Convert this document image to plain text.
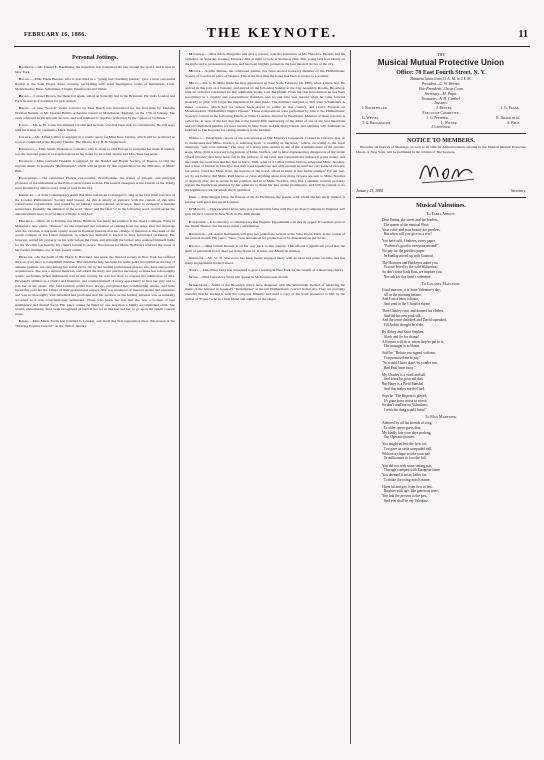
FEBRUARY 16, 1886.	THE KEYNOTE.	11
Personal Jottings.

Bandmann.—Mr. Daniel E. Bandmann, the tragedian, has completed his tour around the world, and is now in New York.

Baucke.—Mlle. Paula Baucké, who is described as a "young and charming pianist," gave a most successful Recital at the Salle Pleyel, Paris, recently, performing with great intelligence works of Rubinstein, Liszt, Mendelssohn, Bizet, Schumann, Chopin, Wieniawski and Weber.

Brown.—Colonel Brown, the theatrical agent, sailed on Saturday last in the Britannic. He visits London and Paris in search of novelties for next season.

Bruch.—A new "Scotch" violin concerto by Max Bruch was introduced for the first time by Madame Norman Neruda, at Mr. Charles Hallé's orchestral concert in Manchester, England, on the 17th of January. The work achieved an exceptional success, and was rendered to absolute perfection by the "queen of violinists."

Carle.—Mr. G. W. Carle, the eminent vocalist and lecturer, who has been sick, is convalescent. He still stays with his friend, W. Clements (Mark Twain).

Cellier.—Mr. Alfred Cellier is engaged in a comic opera for Miss Kate Santley, which will be produced as soon as completed at the Royalty Theatre. The libretto is by H. B. Stephenson.

Dickenson.—Miss Jennie Dickenson, contralto, who is about to visit Europe to complete her musical studies, was the honored guest at a reception given in her honor by ex-Chief Justice and Mrs. Shea last week.

Franklin.—Miss Gertrude Franklin is engaged by the Handel and Haydn Society, of Boston, to sing the soprano music in Gounod's "Redemption," which will be given by that organization on the 26th inst., at Music Hall.

Franchomme.—The celebrated French violoncellist, Franchomme, the friend of Chopin, and principal professor of the instrument at the Paris Conservatoire is dead. His funeral obsequies at the Church of the Trinity were attended by almost every artist of note in the city.

Gerwicke.—A daily contemporary states that Miss Gerwicke is engaged to sing at the first three concerts of the London Philharmonic Society next season. As this is utterly at variance with the custom of this ultra conservative organization, and would be an entirely unprecedented occurrence, there is evidently a mistake somewhere. Probably the omission of the word "three" and the final "s" in the following word, would render the announcement more in accordance with the actual fact.

Heilbron.—Mme. de la Pomme, nee Marie Heilbron, has made her reentree at the Opera Comique, Paris, in Massenet's new opera, "Manon." As she expressed her intention of retiring from the stage after her marriage with the vicomte, it has been openly stated in Parisian journals that her change of intention is the result of the recent collapse of the Union Générale, in which her husband is known to have speculated recklessly. He, however, settled his property on his wife before the crash, and although the broker who rendered himself liable for the Vicomte lost heavily, his client's fortune is secure. The reasons for Marie Heilbron's return to the scene of her former triumphs, are, in fact, purely artistic.

Howland.—In the death of Mr. Harry E. Howland, last week, the musical society in New York has suffered the loss of its most accomplished member. This estimable lady has been for some years recognized as the first of amateur pianists, not only among her social circle, but by the leading professional players who have enjoyed her acquaintance. She was a natural musician, and added the study and practice necessary to make her a thoroughly artistic performer. When Rubinstein was in this country he was not slow to express his admiration of Mrs. Howland's abilities as a pianist and musician, and availed himself of every opportunity to hear her play and to join her at the piano. Our best resident artists have always recognized her commanding talents, and have invariably paid her the tribute of their professional respect. She was intolerant of musical shams and nonsense, and was so thoroughly well informed and proficient that her position as the leading amateur was as naturally accorded as it was conscientiously demanded. Those who knew her felt that she was a woman of rare intelligence and mental force. Her place cannot be filled by one less than a highly accomplished artist. She would, undoubtedly, have been recognized as such if her lot in life had led her to go upon the public concert stage.

Krebs.—Miss Marie Krebs has returned to London, and made her first appearance there this season at the "Monday Popular Concert" on the 19th of January.

Marquiles.—Miss Adele Margulies will give a concert, with the assistance of Mr. Theodore Thomas and his orchestra, on Saturday evening, February 28d, at eight o'clock, at Steinway Hall. This young lady is evidently on the high road to professional success, and has been brightly praised in the best musical circles of the city.

Menter.—Sophie Menter, the celebrated pianist, has been elected honorary member of the Philharmonic Society of London in place of Wagner. This is the first time the honor has been accorded to a woman.

Mills.—Mr. S. B. Mills made his first appearance in New York, February 18, 1885, when a mere boy. He arrived in this port on a Tuesday, and played on the following Sunday at the City Assembly Rooms, Broadway, with an orchestra conducted by that admirable leader, Carl Bergmann. From his first introduction he has been recognized as a capable and conscientious musician, and no one who was present when he came forward modestly to play, will forget the impression he then made. The numbers assigned to him were Schumann's A minor concerto, which had not before been played in public in this country, and Liszt's Fantasie on Mendelssohn's "Midsummer Night's Dream." These compositions were performed by him at the Philharmonic Society's concert in the following March, at Niblo's Garden, directed by Bergmann. Mention of these concerts is called for, in view of the fact that this is the twenty-fifth anniversary of the début of one of the best musicians and accomplished pianists we have known in New York, and his many friends and admirers will doubtless be indebted to The Keynote for calling attention to the incident.

Nordica.—Telegraphic reports of the conversation of Her Majesty's Lieutenant Colonel in Chicago, give us to understand that Mme. Nordica is suffering from "a swelling in the head," which, according to the royal diagnosis, "will soon subside." The story of a pretty little quarrel is one of the ornamentations of the operatic stage. Mme. Patti is reported to be jealous of Mme. Nordica, and to have expressed her disapproval of the lavish "floral tributes" that have been cast in the pathway of the latter and comparatively unknown prima donna, and the result has been that she has had to leave. Well, what of it? Miss Lillian Norton, otherwise Mme. Nordica, had a host of friends in Chicago, and they were injudicious and silly enough to send her cart loads of flowers; but surely, could not Mme. Patti, the soprano of the world, afford to smile at this feeble attempt? For our part, we do not believe that Mme. Patti knows or cares anything about how many flowers are sent to Mme. Nordica or anybody else; she is secure in her position, and so is Mme. Nordica, who, like a sensible woman, probably regrets the injudicious attempts by her admirers to thrust her into undue prominence, and will be content to do the legitimate work for which she is qualified.

Orry.—Miss Maggie Olny, the fiancee of M. de Pachmann, the pianist, with whom she has lately studied, is playing with great success in London.

O'Mahony.—This excellent artist, who was considerable fame with the Carl Rosa Company in England, will give his first concert in New York on the 26th instant.

Pappenheim.—It is stated by a contemporary that Eugenie Pappenheim will shortly appear in German opera at the Thalia Theater, but the news needs confirmation.

Rubinstein.—M. Anton Rubinstein will give two pianoforte recitals at the Salle Erard, Paris, in the course of the present month. His opera, "Nero," was announced for production at St. Petersburg on the 3d ult.

Russell.—Miss Lillian Russell is on her way back to this country. This affords a significant proof that the spirit of patriotism is not dead yet in the breast of, at least, one American maiden.

Sherwood.—Mr. W. H. Sherwood has been busily engaged lately with lectures and piano recitals, and has many engagements booked ahead.

Terry.—Miss Ellen Terry has consented to give a reading in New York for the benefit of a deserving charity.

Ward.—Miss Genevieve Ward will appear in Melbourne next month.

Werrenrath.—Some of the Brooklyn critics have disagreed with Mr. Werrenrath method of rendering the music of the narrator in Gounod's "Redemption" at the last Philharmonic concert in that city. They are probably unaware that he studied it with the composer himself, and used a copy of the work presented to him by the author of "Faust," who is a firm friend and admirer of the singer.

THE
Musical Mutual Protective Union
Office: 78 East Fourth Street, N. Y.
Business hours from 11 A. M. to 2 P. M.
President—C. W. Werner.
Vice-President—Oscar Coon.
Secretary—M. Papst.
Treasurer—A. H. Gorthel.
Trustees:
J. Rockefeller.	J. Reuter.	J. G. Frank.
Executive Committee.
G. Wessel.	J. G. Pfeiffer.	R. Dramchlig.
T. G. Broadstone.	L. Wiener.	A. Belz.
J. Lenssner.
NOTICE TO MEMBERS.

Hereafter all Notices of Meetings, as well as all Official Announcements relating to the Musical Mutual Protective Union, of New York, will be published in the column of The Keynote.

January 21, 1884.	Secretary.
Musical Valentines.
To Emma Abbott.
Dear Emma, the sweet and the fearless,
The queen of the musical West;
Your voice and your beauty are peerless,
But when will you give us a rest?
You have told, I believe, every paper,
"Patience's good to everyone around!"
We pay for the prettiest paper
In Sunday mixed up with Gounod.
The Hoosiers and Buckeyes adore you,
You are loved by the wild Wolverine;
So don't come back East, we implore you,
Nor ask for this heart's valentine.
To Colonel Mapleson.
Good morrow, it is Saint Valentine's day,
All in the morning betime,
And I am a tenor robusto,
And send to the C band a rhyme.
Then Charley rose, and donned his clothes,
And did his new pink silk,
And the tenor shrieked, and David squeaked,
Till Ardiiti thought he'd die.
By Abbey and Saint Stephen,
Alack and fie for shame!
All tenors will do it, when they've put to it;
The manager is to blame.
Said he, "Before you signed with me,
You promised me to pay."
"So would I have done, by yonder sun,
Had Patti been away."
My Charley is a swell and tall,
And loves his poor old dad,
But Harry is a Field Marshal
And that makes me feel bad.
Says he "The Hopera is played,
It's gone from worse to worst;
So don't send me no Valentines;
I wish the thing would burst!"
To Max Maretzek.
Admired by all the friends of song,
To older opera-goers dear,
My kindly fate your days prolong,
Our Operatic pioneer.
You taught us first the lyric art;
You gave us caste unequaled still,
Without a clique to take your part
Or millionaire to foot the bill.
You did not seek some setting star,
Through cramped with European fame;
You deemed it wiser, better far,
To make the rising artist's name.
Cheerful and gay, from first to last,
Brighter with age, like generous wine,
You link the present to the past,
And you shall be my Valentine.
